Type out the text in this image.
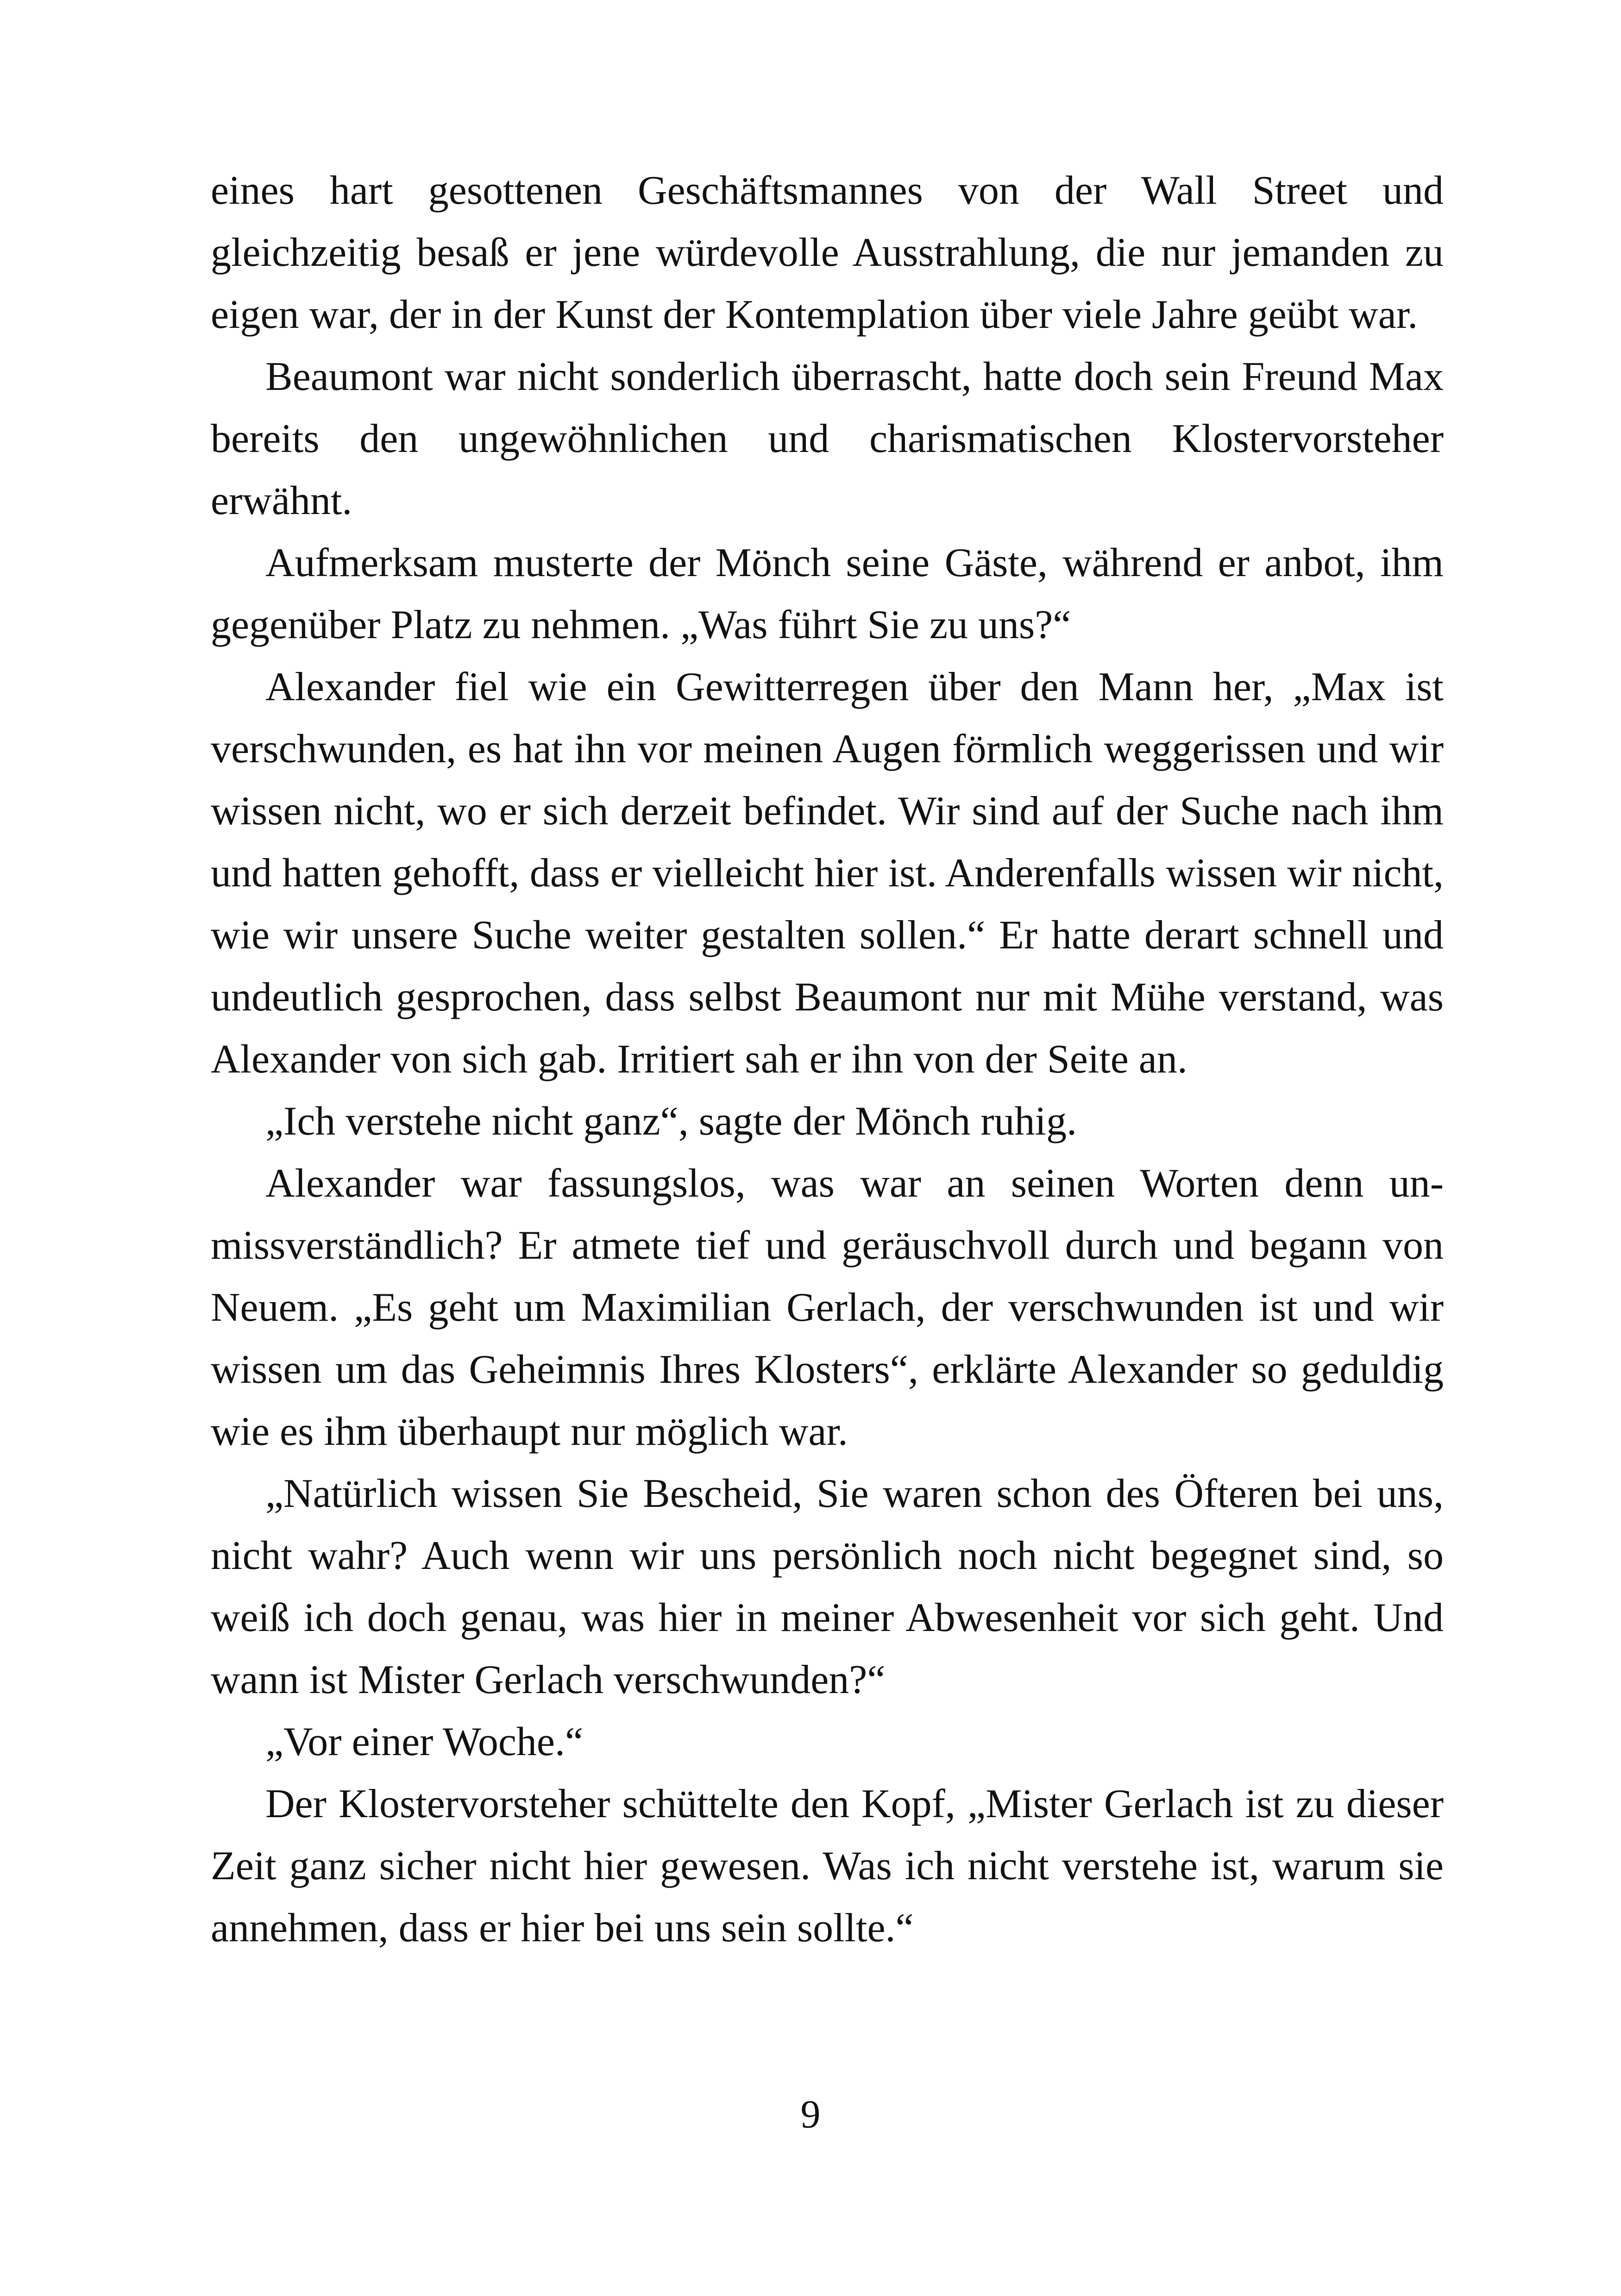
eines hart gesottenen Geschäftsmannes von der Wall Street und gleichzeitig besaß er jene würdevolle Ausstrahlung, die nur jemanden zu eigen war, der in der Kunst der Kontemplation über viele Jahre geübt war.

Beaumont war nicht sonderlich überrascht, hatte doch sein Freund Max bereits den ungewöhnlichen und charismatischen Klostervorsteher erwähnt.

Aufmerksam musterte der Mönch seine Gäste, während er anbot, ihm gegenüber Platz zu nehmen. „Was führt Sie zu uns?“

Alexander fiel wie ein Gewitterregen über den Mann her, „Max ist verschwunden, es hat ihn vor meinen Augen förmlich weggerissen und wir wissen nicht, wo er sich derzeit befindet. Wir sind auf der Suche nach ihm und hatten gehofft, dass er vielleicht hier ist. Anderenfalls wissen wir nicht, wie wir unsere Suche weiter gestalten sollen.“ Er hatte derart schnell und undeutlich gesprochen, dass selbst Beaumont nur mit Mühe verstand, was Alexander von sich gab. Irritiert sah er ihn von der Seite an.

„Ich verstehe nicht ganz“, sagte der Mönch ruhig.

Alexander war fassungslos, was war an seinen Worten denn unmissverständlich? Er atmete tief und geräuschvoll durch und begann von Neuem. „Es geht um Maximilian Gerlach, der verschwunden ist und wir wissen um das Geheimnis Ihres Klosters“, erklärte Alexander so geduldig wie es ihm überhaupt nur möglich war.

„Natürlich wissen Sie Bescheid, Sie waren schon des Öfteren bei uns, nicht wahr? Auch wenn wir uns persönlich noch nicht begegnet sind, so weiß ich doch genau, was hier in meiner Abwesenheit vor sich geht. Und wann ist Mister Gerlach verschwunden?“

„Vor einer Woche.“

Der Klostervorsteher schüttelte den Kopf, „Mister Gerlach ist zu dieser Zeit ganz sicher nicht hier gewesen. Was ich nicht verstehe ist, warum sie annehmen, dass er hier bei uns sein sollte.“

9
